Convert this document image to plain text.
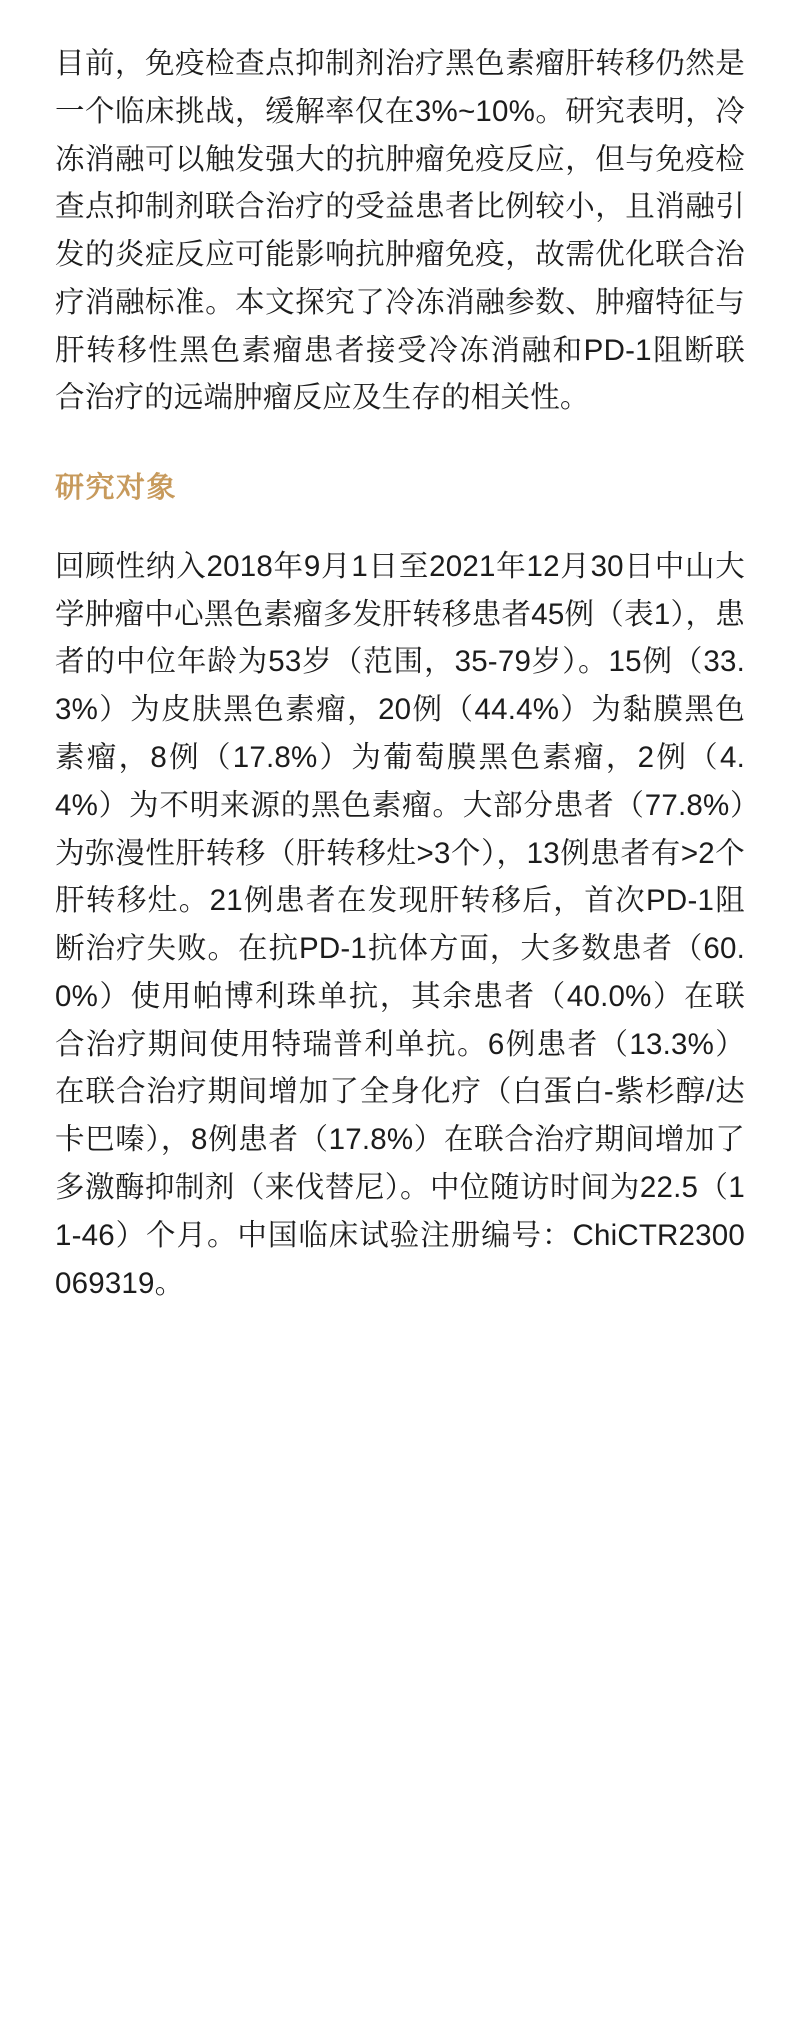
目前，免疫检查点抑制剂治疗黑色素瘤肝转移仍然是一个临床挑战，缓解率仅在3%~10%。研究表明，冷冻消融可以触发强大的抗肿瘤免疫反应，但与免疫检查点抑制剂联合治疗的受益患者比例较小，且消融引发的炎症反应可能影响抗肿瘤免疫，故需优化联合治疗消融标准。本文探究了冷冻消融参数、肿瘤特征与肝转移性黑色素瘤患者接受冷冻消融和PD-1阻断联合治疗的远端肿瘤反应及生存的相关性。

研究对象

回顾性纳入2018年9月1日至2021年12月30日中山大学肿瘤中心黑色素瘤多发肝转移患者45例（表1），患者的中位年龄为53岁（范围，35-79岁）。15例（33.3%）为皮肤黑色素瘤，20例（44.4%）为黏膜黑色素瘤，8例（17.8%）为葡萄膜黑色素瘤，2例（4.4%）为不明来源的黑色素瘤。大部分患者（77.8%）为弥漫性肝转移（肝转移灶>3个），13例患者有>2个肝转移灶。21例患者在发现肝转移后，首次PD-1阻断治疗失败。在抗PD-1抗体方面，大多数患者（60.0%）使用帕博利珠单抗，其余患者（40.0%）在联合治疗期间使用特瑞普利单抗。6例患者（13.3%）在联合治疗期间增加了全身化疗（白蛋白-紫杉醇/达卡巴嗪），8例患者（17.8%）在联合治疗期间增加了多激酶抑制剂（来伐替尼）。中位随访时间为22.5（11-46）个月。中国临床试验注册编号：ChiCTR2300069319。
